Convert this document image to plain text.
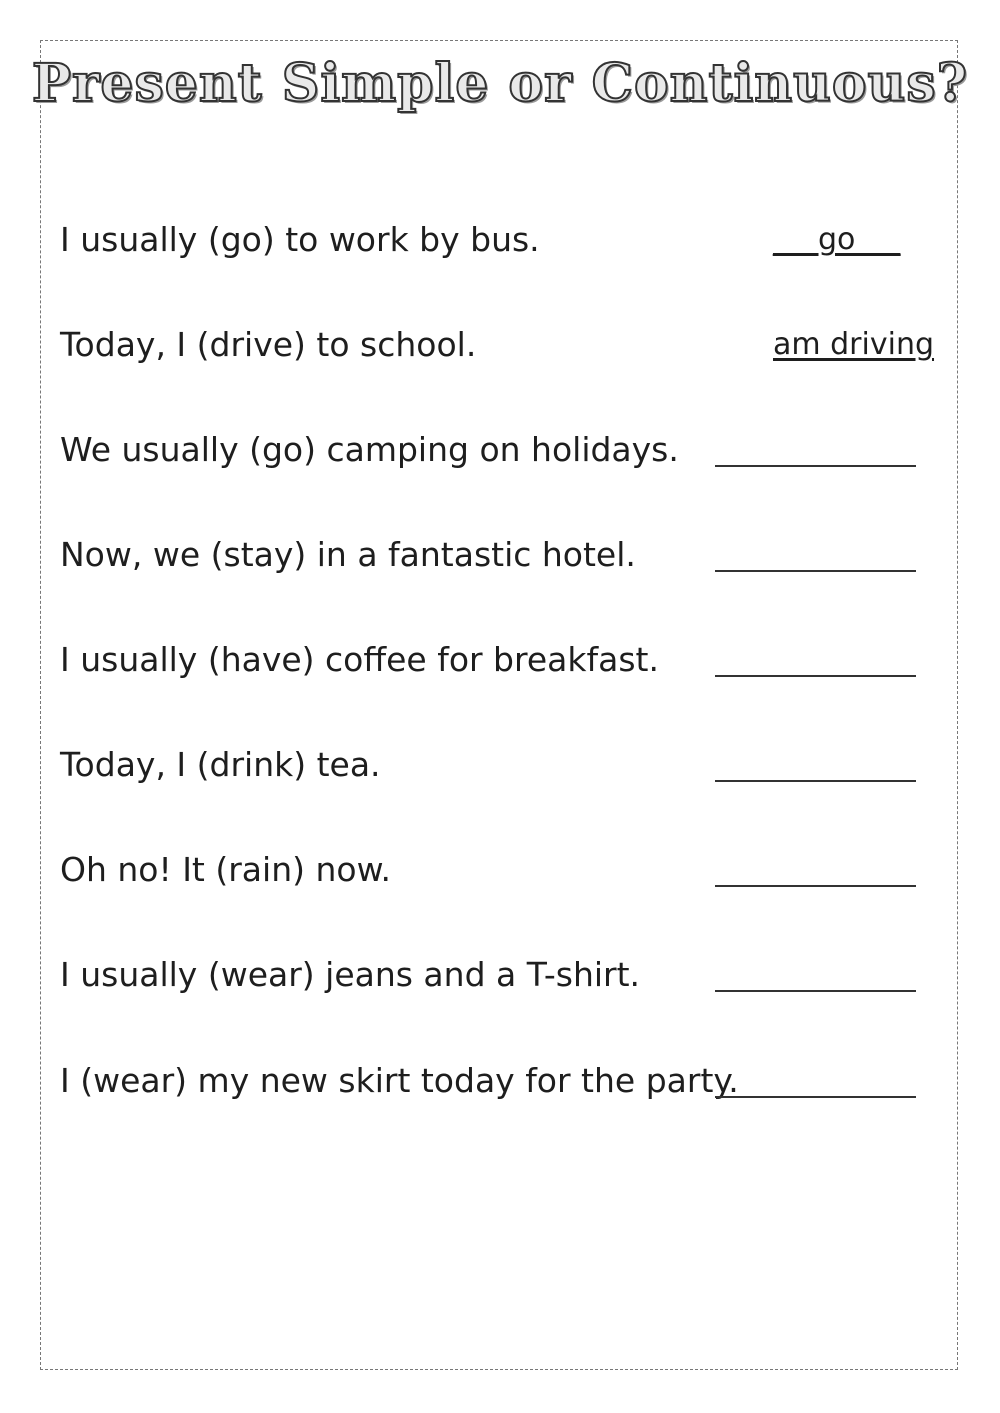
Present Simple or Continuous?
I usually (go) to work by bus.	___go___
Today, I (drive) to school.	am driving
We usually (go) camping on holidays.
Now, we (stay) in a fantastic hotel.
I usually (have) coffee for breakfast.
Today, I (drink) tea.
Oh no! It (rain) now.
I usually (wear) jeans and a T-shirt.
I (wear) my new skirt today for the party.
